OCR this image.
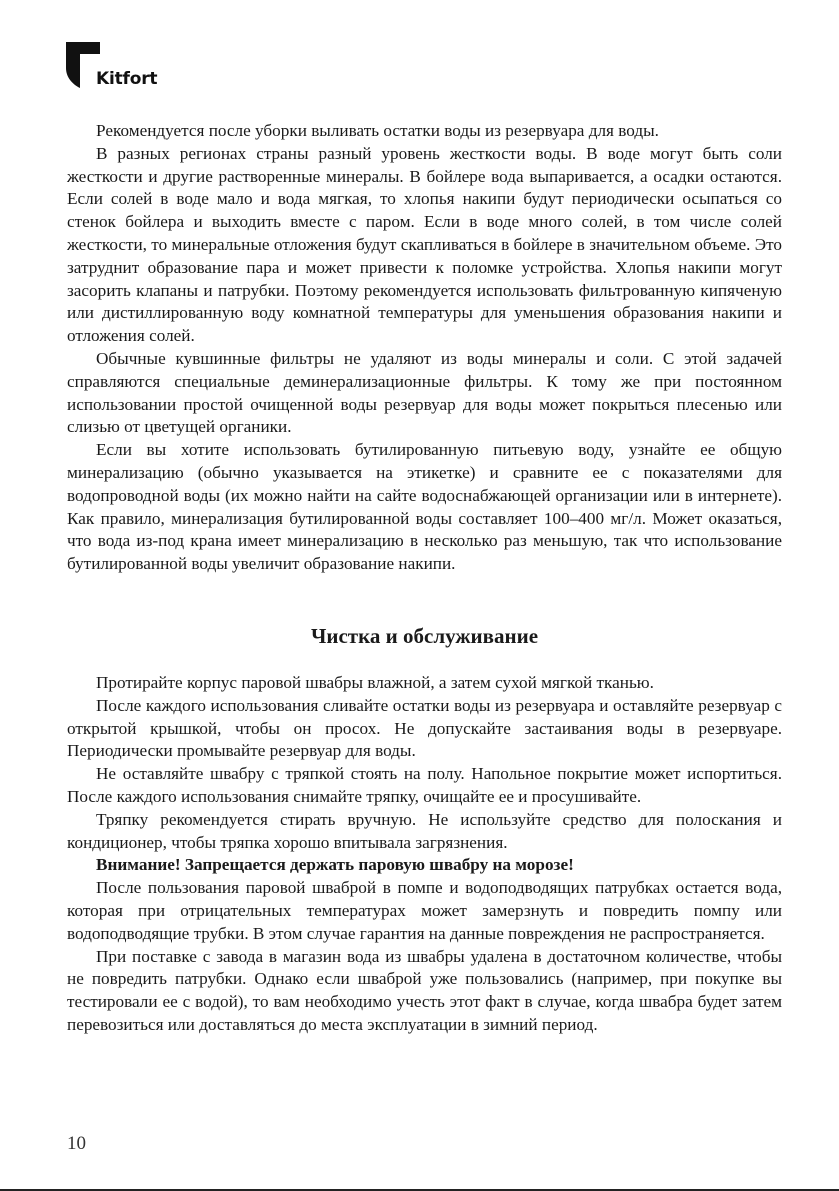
Kitfort

Рекомендуется после уборки выливать остатки воды из резервуара для воды.

В разных регионах страны разный уровень жесткости воды. В воде могут быть соли жесткости и другие растворенные минералы. В бойлере вода выпаривается, а осадки остаются. Если солей в воде мало и вода мягкая, то хлопья накипи будут периодически осыпаться со стенок бойлера и выходить вместе с паром. Если в воде много солей, в том числе солей жесткости, то минеральные отложения будут скапливаться в бойлере в значительном объеме. Это затруднит образование пара и может привести к поломке устройства. Хлопья накипи могут засорить клапаны и патрубки. Поэтому рекомендуется использовать фильтрованную кипяченую или дистиллированную воду комнатной температуры для уменьшения образования накипи и отложения солей.

Обычные кувшинные фильтры не удаляют из воды минералы и соли. С этой задачей справляются специальные деминерализационные фильтры. К тому же при постоянном использовании простой очищенной воды резервуар для воды может покрыться плесенью или слизью от цветущей органики.

Если вы хотите использовать бутилированную питьевую воду, узнайте ее общую минерализацию (обычно указывается на этикетке) и сравните ее с показателями для водопроводной воды (их можно найти на сайте водоснабжающей организации или в интернете). Как правило, минерализация бутилированной воды составляет 100–400 мг/л. Может оказаться, что вода из-под крана имеет минерализацию в несколько раз меньшую, так что использование бутилированной воды увеличит образование накипи.

Чистка и обслуживание

Протирайте корпус паровой швабры влажной, а затем сухой мягкой тканью.

После каждого использования сливайте остатки воды из резервуара и оставляйте резервуар с открытой крышкой, чтобы он просох. Не допускайте застаивания воды в резервуаре. Периодически промывайте резервуар для воды.

Не оставляйте швабру с тряпкой стоять на полу. Напольное покрытие может испортиться. После каждого использования снимайте тряпку, очищайте ее и просушивайте.

Тряпку рекомендуется стирать вручную. Не используйте средство для полоскания и кондиционер, чтобы тряпка хорошо впитывала загрязнения.

Внимание! Запрещается держать паровую швабру на морозе!

После пользования паровой шваброй в помпе и водоподводящих патрубках остается вода, которая при отрицательных температурах может замерзнуть и повредить помпу или водоподводящие трубки. В этом случае гарантия на данные повреждения не распространяется.

При поставке с завода в магазин вода из швабры удалена в достаточном количестве, чтобы не повредить патрубки. Однако если шваброй уже пользовались (например, при покупке вы тестировали ее с водой), то вам необходимо учесть этот факт в случае, когда швабра будет затем перевозиться или доставляться до места эксплуатации в зимний период.

10
